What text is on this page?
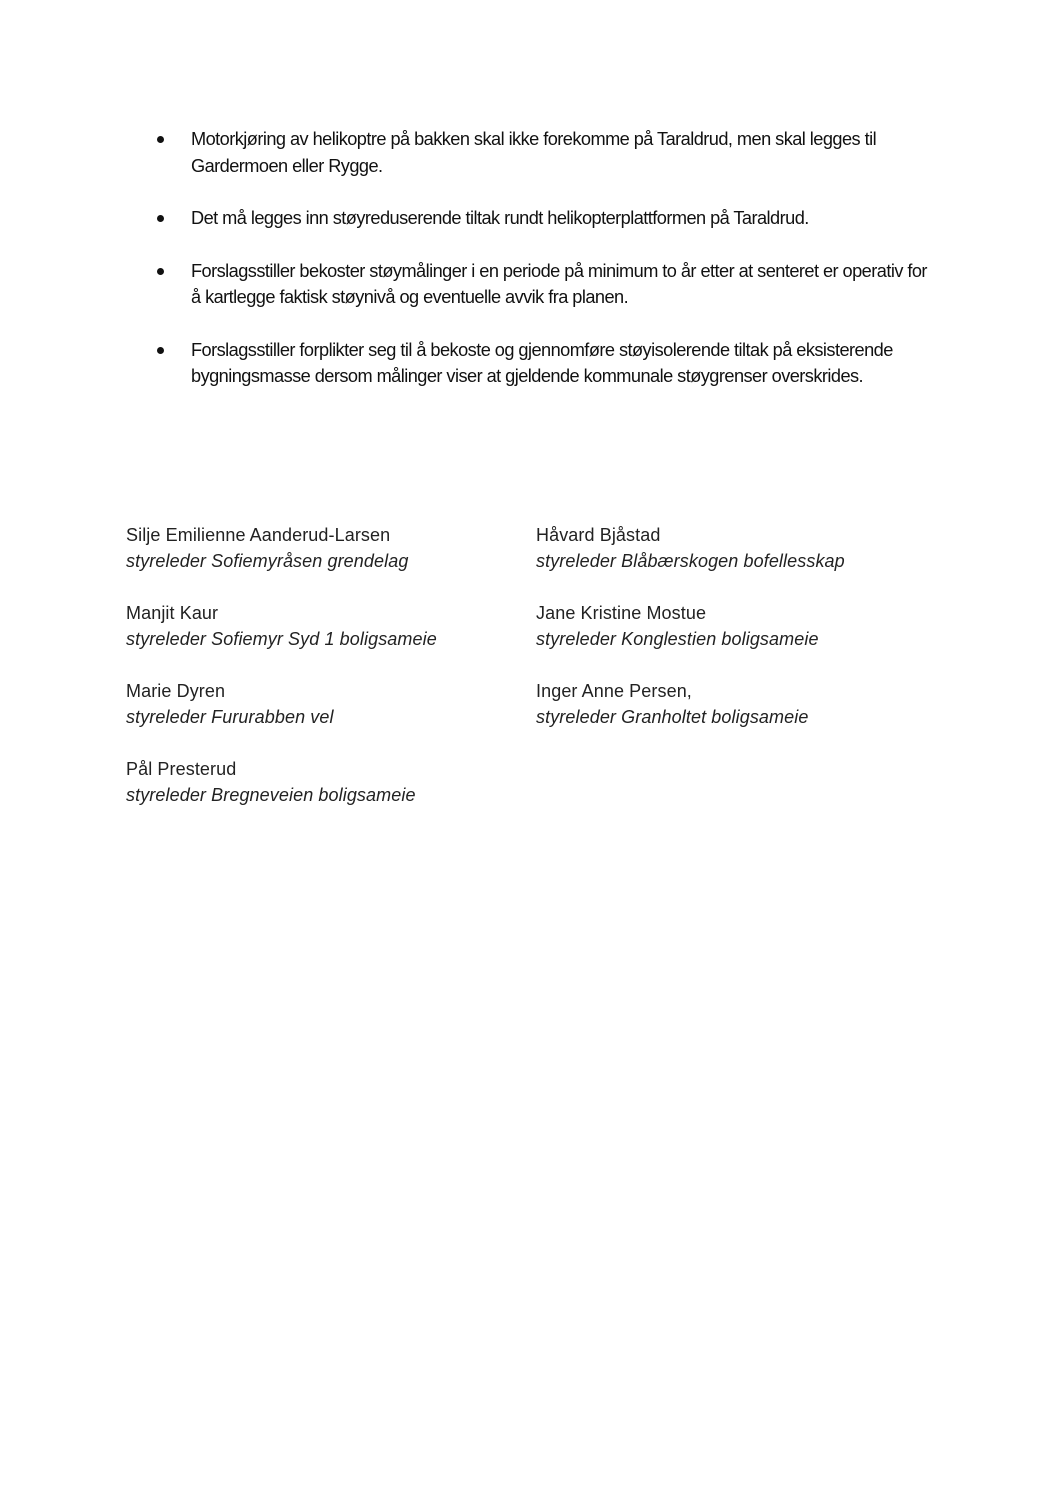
Motorkjøring av helikoptre på bakken skal ikke forekomme på Taraldrud, men skal legges til Gardermoen eller Rygge.
Det må legges inn støyreduserende tiltak rundt helikopterplattformen på Taraldrud.
Forslagsstiller bekoster støymålinger i en periode på minimum to år etter at senteret er operativ for å kartlegge faktisk støynivå og eventuelle avvik fra planen.
Forslagsstiller forplikter seg til å bekoste og gjennomføre støyisolerende tiltak på eksisterende bygningsmasse dersom målinger viser at gjeldende kommunale støygrenser overskrides.
Silje Emilienne Aanderud-Larsen
styreleder Sofiemyråsen grendelag
Manjit Kaur
styreleder Sofiemyr Syd 1 boligsameie
Marie Dyren
styreleder Fururabben vel
Pål Presterud
styreleder Bregneveien boligsameie
Håvard Bjåstad
styreleder Blåbærskogen bofellesskap
Jane Kristine Mostue
styreleder Konglestien boligsameie
Inger Anne Persen,
styreleder Granholtet boligsameie
